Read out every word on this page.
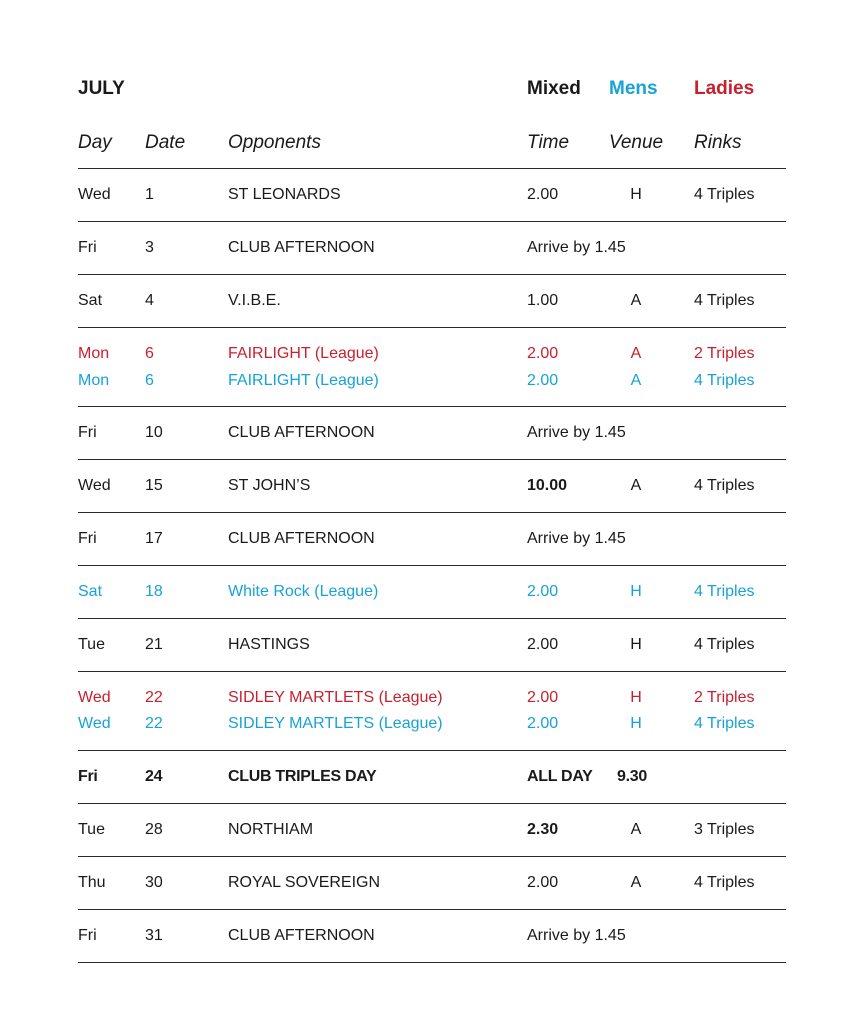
JULY	Mixed Mens Ladies
Day Date Opponents	Time Venue Rinks
Wed 1	ST LEONARDS	2.00	H	4 Triples
Fri	3	CLUB AFTERNOON	Arrive by 1.45
Sat	4	V.I.B.E.	1.00	A	4 Triples
Mon 6	FAIRLIGHT (League)	2.00	A	2 Triples
Mon 6	FAIRLIGHT (League)	2.00	A	4 Triples
Fri	10	CLUB AFTERNOON	Arrive by 1.45
Wed 15	ST JOHN’S	10.00	A	4 Triples
Fri	17	CLUB AFTERNOON	Arrive by 1.45
Sat	18	White Rock (League)	2.00	H	4 Triples
Tue	21	HASTINGS	2.00	H	4 Triples
Wed 22	SIDLEY MARTLETS (League)	2.00	H	2 Triples
Wed 22	SIDLEY MARTLETS (League)	2.00	H	4 Triples
Fri	24	CLUB TRIPLES DAY	ALL DAY 9.30
Tue	28	NORTHIAM	2.30	A	3 Triples
Thu 30	ROYAL SOVEREIGN	2.00	A	4 Triples
Fri	31	CLUB AFTERNOON	Arrive by 1.45
